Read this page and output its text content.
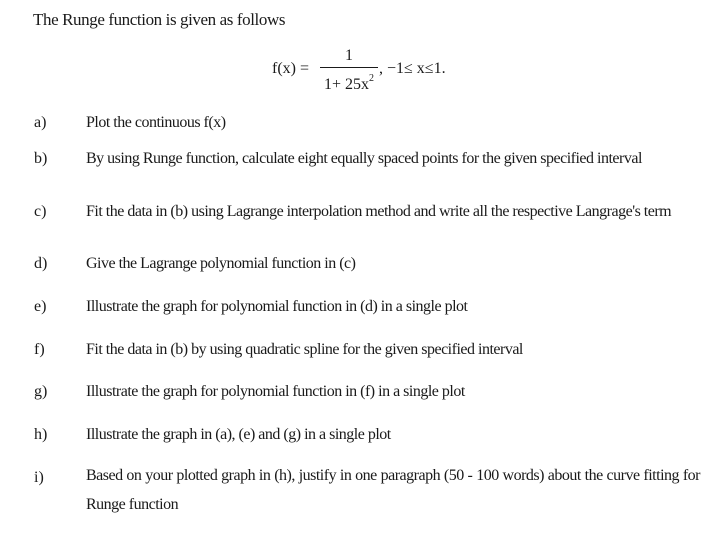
The Runge function is given as follows
f(x) =
1
$1+ 25x^2$
, −1≤ x≤1.
a) Plot the continuous f(x)
b) By using Runge function, calculate eight equally spaced points for the given specified interval
c) Fit the data in (b) using Lagrange interpolation method and write all the respective Langrage's term
d) Give the Lagrange polynomial function in (c)
e) Illustrate the graph for polynomial function in (d) in a single plot
f)	Fit the data in (b) by using quadratic spline for the given specified interval
g) Illustrate the graph for polynomial function in (f) in a single plot
h) Illustrate the graph in (a), (e) and (g) in a single plot
i)	Based on your plotted graph in (h), justify in one paragraph (50 - 100 words) about the curve fitting for Runge function
